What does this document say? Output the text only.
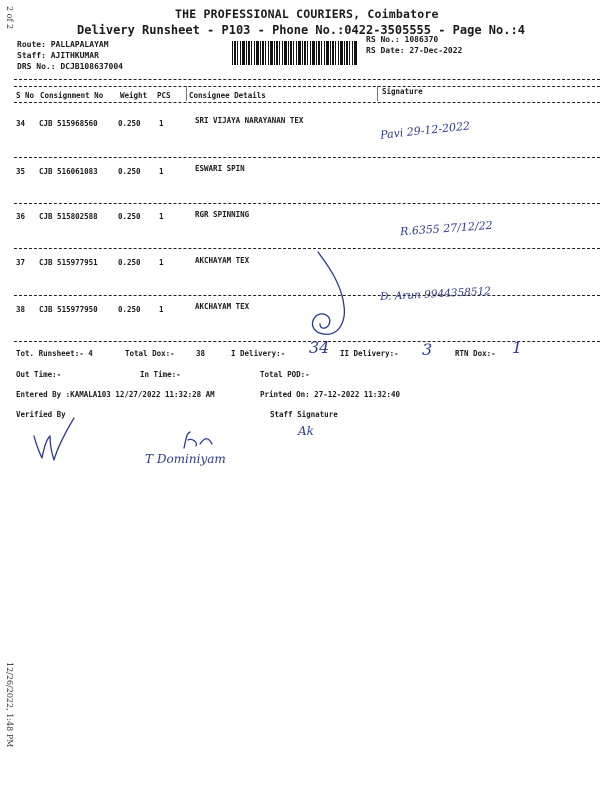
2 of 2
12/26/2022, 1:48 PM
THE PROFESSIONAL COURIERS, Coimbatore
Delivery Runsheet - P103 - Phone No.:0422-3505555 - Page No.:4
Route: PALLAPALAYAM
Staff: AJITHKUMAR
DRS No.: DCJB108637004
RS No.: 1086370
RS Date: 27-Dec-2022
S No Consignment No Weight PCS Consignee Details	Signature
34 CJB 515968560	0.250 1	SRI VIJAYA NARAYANAN TEX
35 CJB 516061083	0.250 1	ESWARI SPIN
36 CJB 515802588	0.250 1	RGR SPINNING
37 CJB 515977951	0.250 1	AKCHAYAM TEX
38 CJB 515977950	0.250 1	AKCHAYAM TEX
Pavi 29-12-2022
R.6355 27/12/22
D. Arun 9944358512
Tot. Runsheet:- 4	Total Dox:-	38	I Delivery:- 34 II Delivery:- 3	RTN Dox:- 1
Out Time:-	In Time:-	Total POD:-
Entered By :KAMALA103 12/27/2022 11:32:28 AM	Printed On: 27-12-2022 11:32:40
Verified By	Staff Signature
Ak
T Dominiyam
